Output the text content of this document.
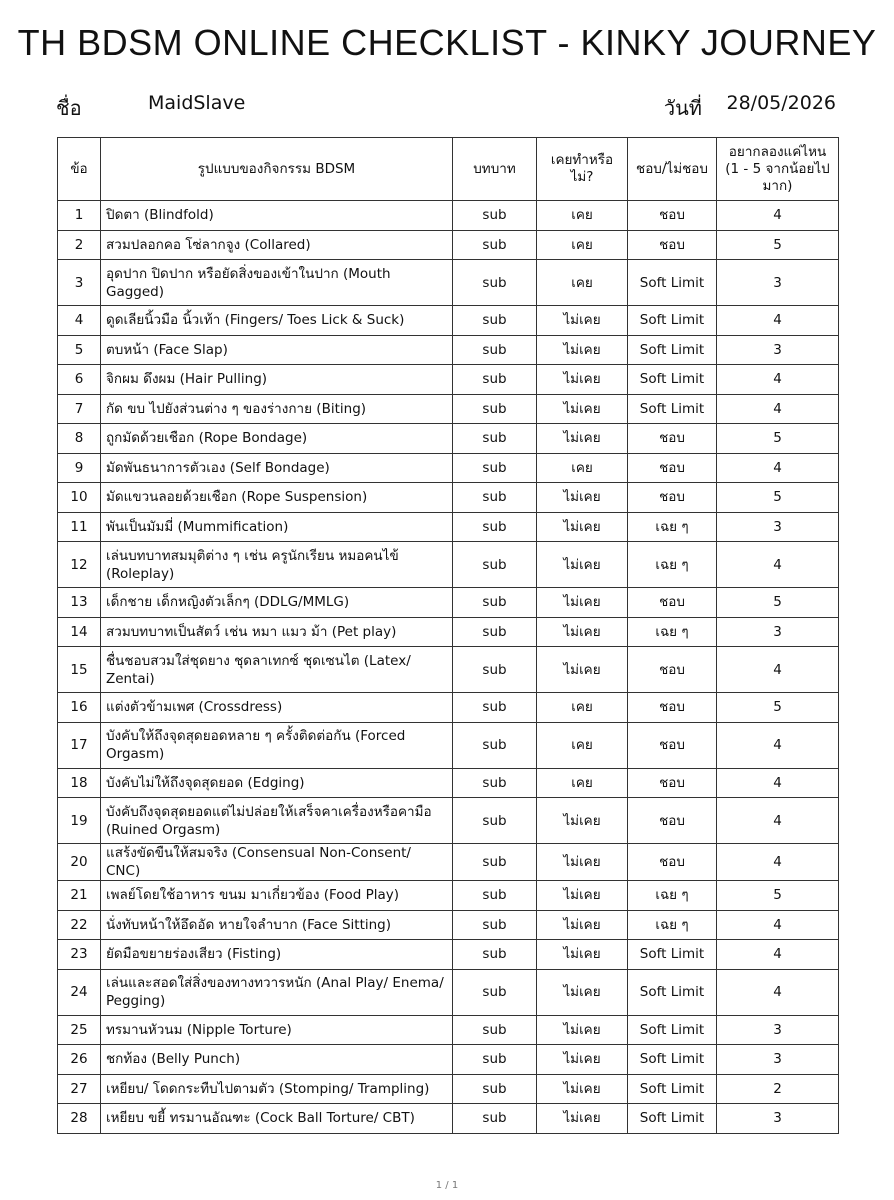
TH BDSM ONLINE CHECKLIST - KINKY JOURNEY
ชื่อ	MaidSlave	วันที่ 28/05/2026
ข้อ	รูปแบบของกิจกรรม BDSM	บทบาท	เคยทำหรือไม่?	ชอบ/ไม่ชอบ	อยากลองแค่ไหน (1 - 5 จากน้อยไปมาก)
1	ปิดตา (Blindfold)	sub	เคย	ชอบ	4
2	สวมปลอกคอ โซ่ลากจูง (Collared)	sub	เคย	ชอบ	5
3	อุดปาก ปิดปาก หรือยัดสิ่งของเข้าในปาก (Mouth Gagged)	sub	เคย	Soft Limit	3
4	ดูดเลียนิ้วมือ นิ้วเท้า (Fingers/ Toes Lick & Suck)	sub	ไม่เคย	Soft Limit	4
5	ตบหน้า (Face Slap)	sub	ไม่เคย	Soft Limit	3
6	จิกผม ดึงผม (Hair Pulling)	sub	ไม่เคย	Soft Limit	4
7	กัด ขบ ไปยังส่วนต่าง ๆ ของร่างกาย (Biting)	sub	ไม่เคย	Soft Limit	4
8	ถูกมัดด้วยเชือก (Rope Bondage)	sub	ไม่เคย	ชอบ	5
9	มัดพันธนาการตัวเอง (Self Bondage)	sub	เคย	ชอบ	4
10	มัดแขวนลอยด้วยเชือก (Rope Suspension)	sub	ไม่เคย	ชอบ	5
11	พันเป็นมัมมี่ (Mummification)	sub	ไม่เคย	เฉย ๆ	3
12	เล่นบทบาทสมมุติต่าง ๆ เช่น ครูนักเรียน หมอคนไข้ (Roleplay)	sub	ไม่เคย	เฉย ๆ	4
13	เด็กชาย เด็กหญิงตัวเล็กๆ (DDLG/MMLG)	sub	ไม่เคย	ชอบ	5
14	สวมบทบาทเป็นสัตว์ เช่น หมา แมว ม้า (Pet play)	sub	ไม่เคย	เฉย ๆ	3
15	ชื่นชอบสวมใส่ชุดยาง ชุดลาเทกซ์ ชุดเซนไต (Latex/ Zentai)	sub	ไม่เคย	ชอบ	4
16	แต่งตัวข้ามเพศ (Crossdress)	sub	เคย	ชอบ	5
17	บังคับให้ถึงจุดสุดยอดหลาย ๆ ครั้งติดต่อกัน (Forced Orgasm)	sub	เคย	ชอบ	4
18	บังคับไม่ให้ถึงจุดสุดยอด (Edging)	sub	เคย	ชอบ	4
19	บังคับถึงจุดสุดยอดแต่ไม่ปล่อยให้เสร็จคาเครื่องหรือคามือ (Ruined Orgasm)	sub	ไม่เคย	ชอบ	4
20	แสร้งขัดขืนให้สมจริง (Consensual Non-Consent/ CNC)	sub	ไม่เคย	ชอบ	4
21	เพลย์โดยใช้อาหาร ขนม มาเกี่ยวข้อง (Food Play)	sub	ไม่เคย	เฉย ๆ	5
22	นั่งทับหน้าให้อึดอัด หายใจลำบาก (Face Sitting)	sub	ไม่เคย	เฉย ๆ	4
23	ยัดมือขยายร่องเสียว (Fisting)	sub	ไม่เคย	Soft Limit	4
24	เล่นและสอดใส่สิ่งของทางทวารหนัก (Anal Play/ Enema/ Pegging)	sub	ไม่เคย	Soft Limit	4
25	ทรมานหัวนม (Nipple Torture)	sub	ไม่เคย	Soft Limit	3
26	ชกท้อง (Belly Punch)	sub	ไม่เคย	Soft Limit	3
27	เหยียบ/ โดดกระทืบไปตามตัว (Stomping/ Trampling)	sub	ไม่เคย	Soft Limit	2
28	เหยียบ ขยี้ ทรมานอัณฑะ (Cock Ball Torture/ CBT)	sub	ไม่เคย	Soft Limit	3
1 / 1
